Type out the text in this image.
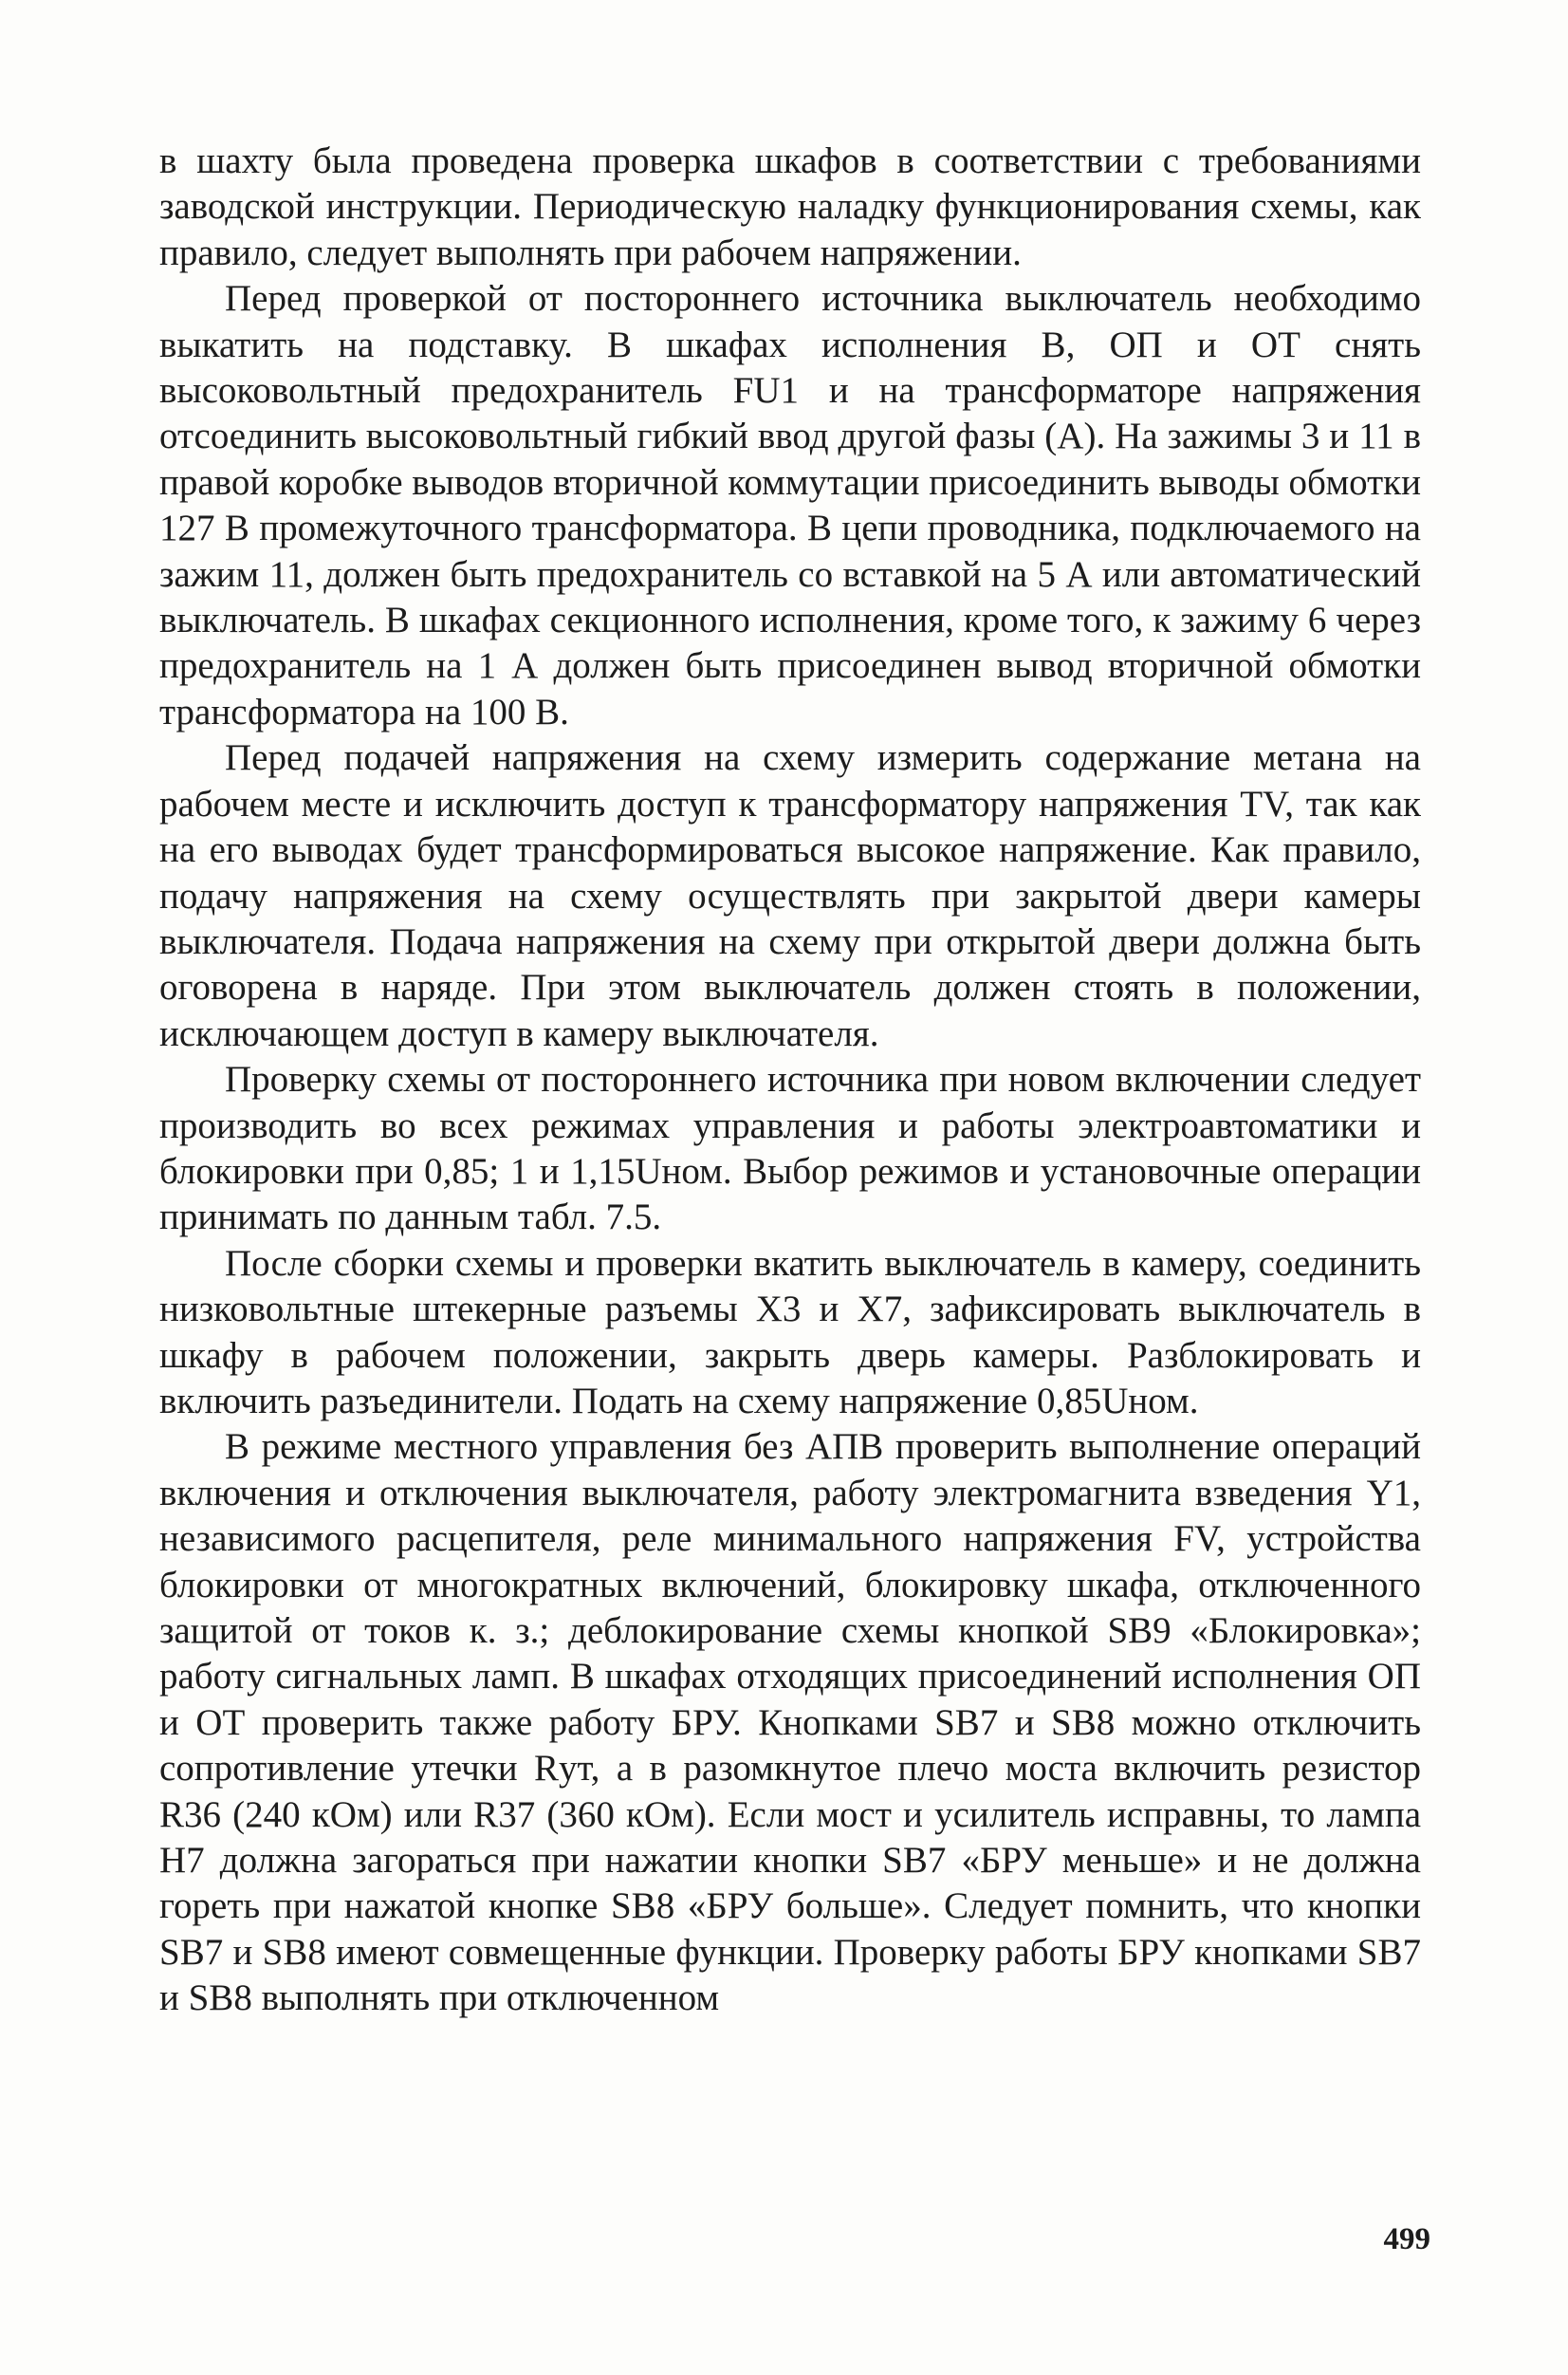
в шахту была проведена проверка шкафов в соответствии с требованиями заводской инструкции. Периодическую наладку функционирования схемы, как правило, следует выполнять при рабочем напряжении.

Перед проверкой от постороннего источника выключатель необходимо выкатить на подставку. В шкафах исполнения В, ОП и ОТ снять высоковольтный предохранитель FU1 и на трансформаторе напряжения отсоединить высоковольтный гибкий ввод другой фазы (А). На зажимы 3 и 11 в правой коробке выводов вторичной коммутации присоединить выводы обмотки 127 В промежуточного трансформатора. В цепи проводника, подключаемого на зажим 11, должен быть предохранитель со вставкой на 5 А или автоматический выключатель. В шкафах секционного исполнения, кроме того, к зажиму 6 через предохранитель на 1 А должен быть присоединен вывод вторичной обмотки трансформатора на 100 В.

Перед подачей напряжения на схему измерить содержание метана на рабочем месте и исключить доступ к трансформатору напряжения TV, так как на его выводах будет трансформироваться высокое напряжение. Как правило, подачу напряжения на схему осуществлять при закрытой двери камеры выключателя. Подача напряжения на схему при открытой двери должна быть оговорена в наряде. При этом выключатель должен стоять в положении, исключающем доступ в камеру выключателя.

Проверку схемы от постороннего источника при новом включении следует производить во всех режимах управления и работы электроавтоматики и блокировки при 0,85; 1 и 1,15Uном. Выбор режимов и установочные операции принимать по данным табл. 7.5.

После сборки схемы и проверки вкатить выключатель в камеру, соединить низковольтные штекерные разъемы X3 и X7, зафиксировать выключатель в шкафу в рабочем положении, закрыть дверь камеры. Разблокировать и включить разъединители. Подать на схему напряжение 0,85Uном.

В режиме местного управления без АПВ проверить выполнение операций включения и отключения выключателя, работу электромагнита взведения Y1, независимого расцепителя, реле минимального напряжения FV, устройства блокировки от многократных включений, блокировку шкафа, отключенного защитой от токов к. з.; деблокирование схемы кнопкой SB9 «Блокировка»; работу сигнальных ламп. В шкафах отходящих присоединений исполнения ОП и ОТ проверить также работу БРУ. Кнопками SB7 и SB8 можно отключить сопротивление утечки Rут, а в разомкнутое плечо моста включить резистор R36 (240 кОм) или R37 (360 кОм). Если мост и усилитель исправны, то лампа H7 должна загораться при нажатии кнопки SB7 «БРУ меньше» и не должна гореть при нажатой кнопке SB8 «БРУ больше». Следует помнить, что кнопки SB7 и SB8 имеют совмещенные функции. Проверку работы БРУ кнопками SB7 и SB8 выполнять при отключенном

499
